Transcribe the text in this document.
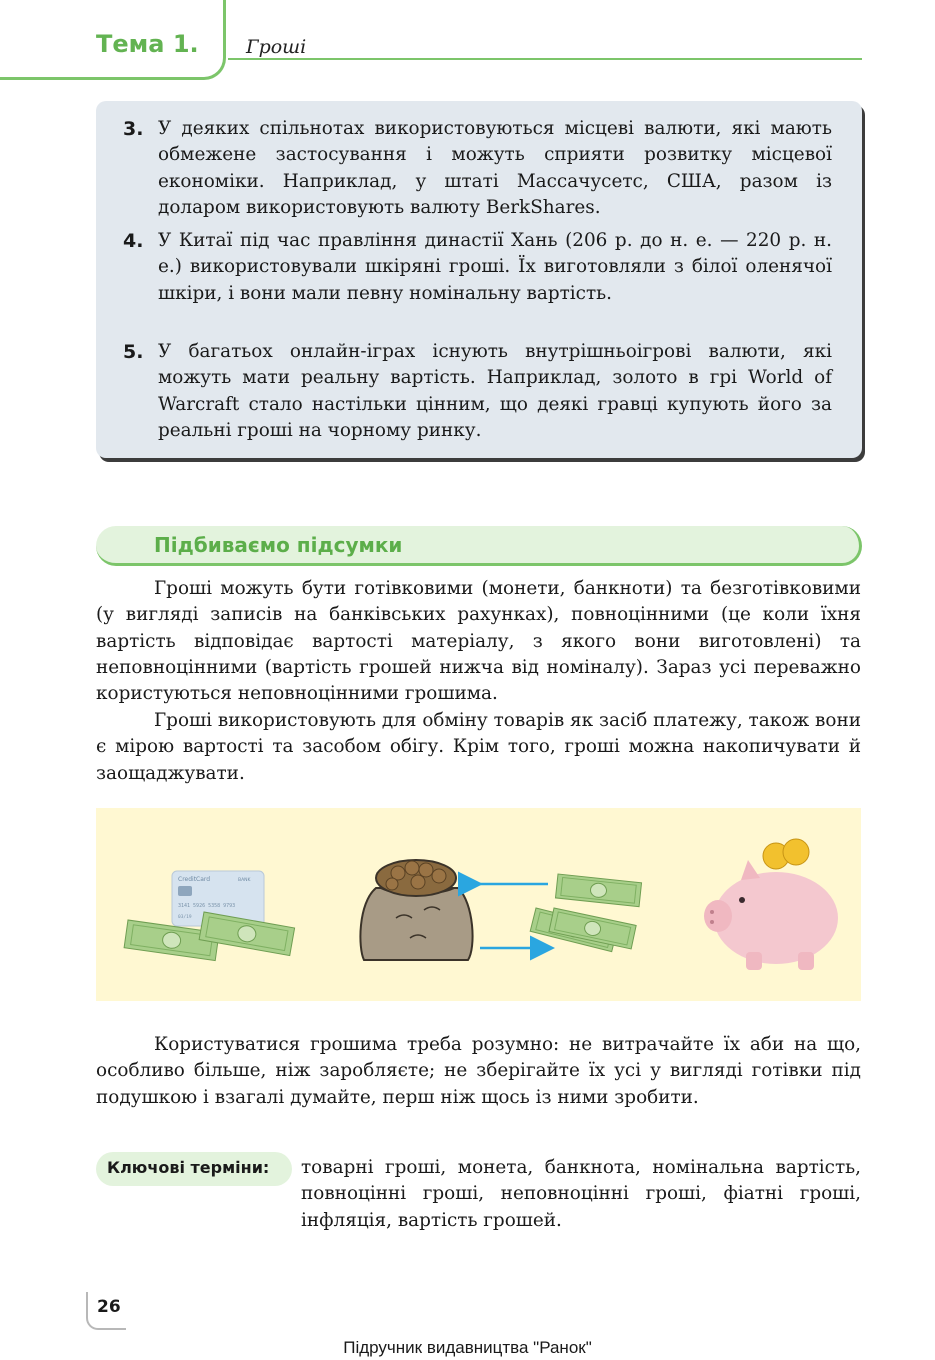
Тема 1. Гроші
3. У деяких спільнотах використовуються місцеві валюти, які мають обмежене застосування і можуть сприяти розвитку місцевої економіки. Наприклад, у штаті Массачусетс, США, разом із доларом використовують валюту BerkShares.
4. У Китаї під час правління династії Хань (206 р. до н. е. — 220 р. н. е.) використовували шкіряні гроші. Їх виготовляли з білої оленячої шкіри, і вони мали певну номінальну вартість.
5. У багатьох онлайн-іграх існують внутрішньоігрові валюти, які можуть мати реальну вартість. Наприклад, золото в грі World of Warcraft стало настільки цінним, що деякі гравці купують його за реальні гроші на чорному ринку.
Підбиваємо підсумки

Гроші можуть бути готівковими (монети, банкноти) та безготівковими (у вигляді записів на банківських рахунках), повноцінними (це коли їхня вартість відповідає вартості матеріалу, з якого вони виготовлені) та неповноцінними (вартість грошей нижча від номіналу). Зараз усі переважно користуються неповноцінними грошима.

Гроші використовують для обміну товарів як засіб платежу, також вони є мірою вартості та засобом обігу. Крім того, гроші можна накопичувати й заощаджувати.

CreditCard	BANK
3141 5926 5358 9793
03/19

Користуватися грошима треба розумно: не витрачайте їх аби на що, особливо більше, ніж заробляєте; не зберігайте їх усі у вигляді готівки під подушкою і взагалі думайте, перш ніж щось із ними зробити.

Ключові терміни: товарні гроші, монета, банкнота, номінальна вартість, повноцінні гроші, неповноцінні гроші, фіатні гроші, інфляція, вартість грошей.

26
Підручник видавництва "Ранок"
